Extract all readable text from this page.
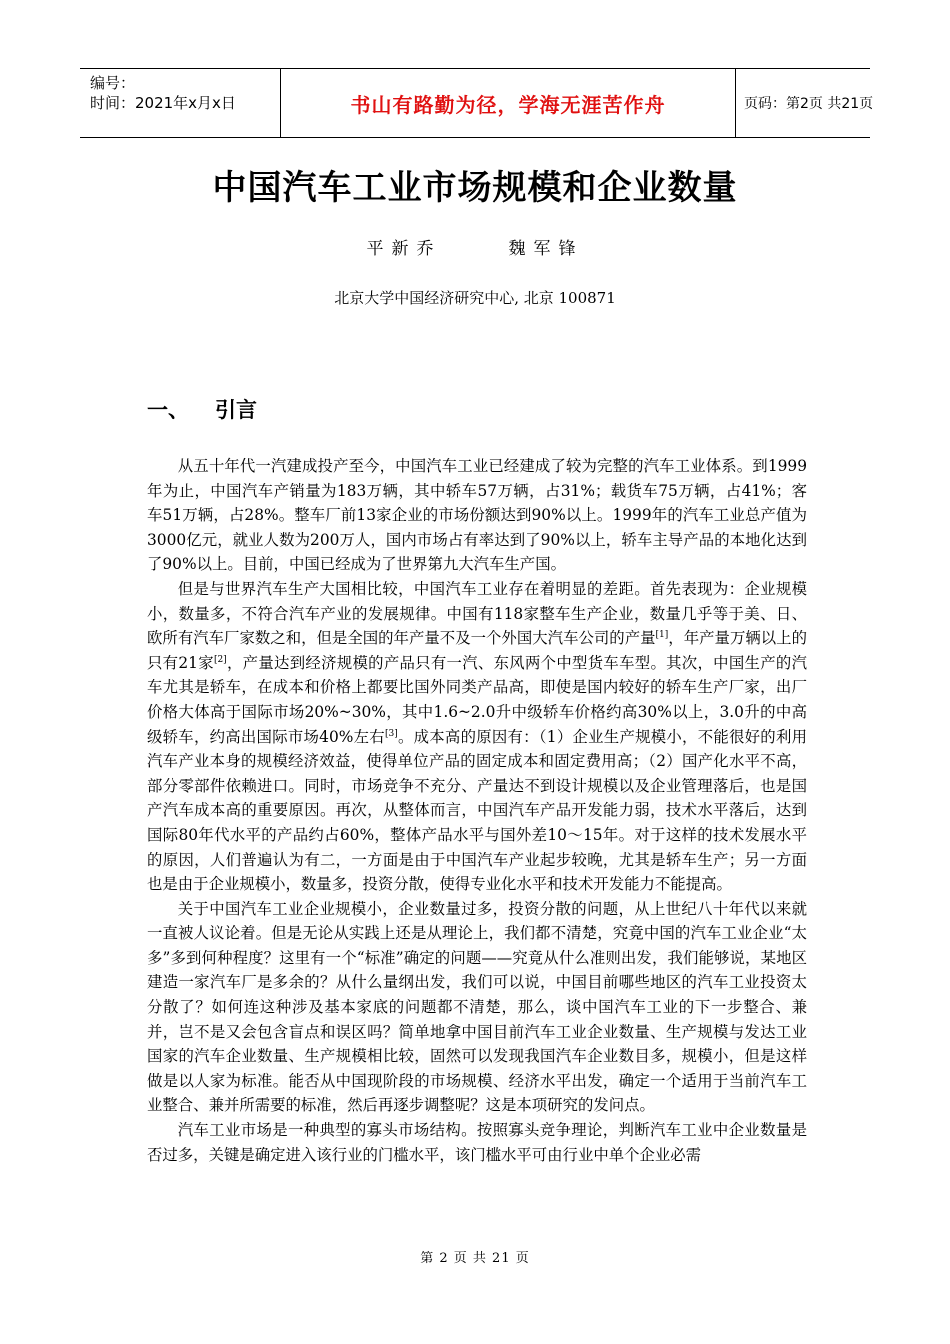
编号：
时间：2021年x月x日	书山有路勤为径，学海无涯苦作舟	页码：第2页 共21页
中国汽车工业市场规模和企业数量
平新乔     魏军锋
北京大学中国经济研究中心, 北京 100871
一、 引言

从五十年代一汽建成投产至今，中国汽车工业已经建成了较为完整的汽车工业体系。到1999年为止，中国汽车产销量为183万辆，其中轿车57万辆，占31%；载货车75万辆，占41%；客车51万辆，占28%。整车厂前13家企业的市场份额达到90%以上。1999年的汽车工业总产值为3000亿元，就业人数为200万人，国内市场占有率达到了90%以上，轿车主导产品的本地化达到了90%以上。目前，中国已经成为了世界第九大汽车生产国。

但是与世界汽车生产大国相比较，中国汽车工业存在着明显的差距。首先表现为：企业规模小，数量多，不符合汽车产业的发展规律。中国有118家整车生产企业，数量几乎等于美、日、欧所有汽车厂家数之和，但是全国的年产量不及一个外国大汽车公司的产量[1]，年产量万辆以上的只有21家[2]，产量达到经济规模的产品只有一汽、东风两个中型货车车型。其次，中国生产的汽车尤其是轿车，在成本和价格上都要比国外同类产品高，即使是国内较好的轿车生产厂家，出厂价格大体高于国际市场20%~30%，其中1.6~2.0升中级轿车价格约高30%以上，3.0升的中高级轿车，约高出国际市场40%左右[3]。成本高的原因有：（1）企业生产规模小，不能很好的利用汽车产业本身的规模经济效益，使得单位产品的固定成本和固定费用高；（2）国产化水平不高，部分零部件依赖进口。同时，市场竞争不充分、产量达不到设计规模以及企业管理落后，也是国产汽车成本高的重要原因。再次，从整体而言，中国汽车产品开发能力弱，技术水平落后，达到国际80年代水平的产品约占60%，整体产品水平与国外差10～15年。对于这样的技术发展水平的原因，人们普遍认为有二，一方面是由于中国汽车产业起步较晚，尤其是轿车生产；另一方面也是由于企业规模小，数量多，投资分散，使得专业化水平和技术开发能力不能提高。

关于中国汽车工业企业规模小，企业数量过多，投资分散的问题，从上世纪八十年代以来就一直被人议论着。但是无论从实践上还是从理论上，我们都不清楚，究竟中国的汽车工业企业“太多”多到何种程度？这里有一个“标准”确定的问题——究竟从什么准则出发，我们能够说，某地区建造一家汽车厂是多余的？从什么量纲出发，我们可以说，中国目前哪些地区的汽车工业投资太分散了？如何连这种涉及基本家底的问题都不清楚，那么，谈中国汽车工业的下一步整合、兼并，岂不是又会包含盲点和误区吗？简单地拿中国目前汽车工业企业数量、生产规模与发达工业国家的汽车企业数量、生产规模相比较，固然可以发现我国汽车企业数目多，规模小，但是这样做是以人家为标准。能否从中国现阶段的市场规模、经济水平出发，确定一个适用于当前汽车工业整合、兼并所需要的标准，然后再逐步调整呢？这是本项研究的发问点。

汽车工业市场是一种典型的寡头市场结构。按照寡头竞争理论，判断汽车工业中企业数量是否过多，关键是确定进入该行业的门槛水平，该门槛水平可由行业中单个企业必需

第 2 页 共 21 页
